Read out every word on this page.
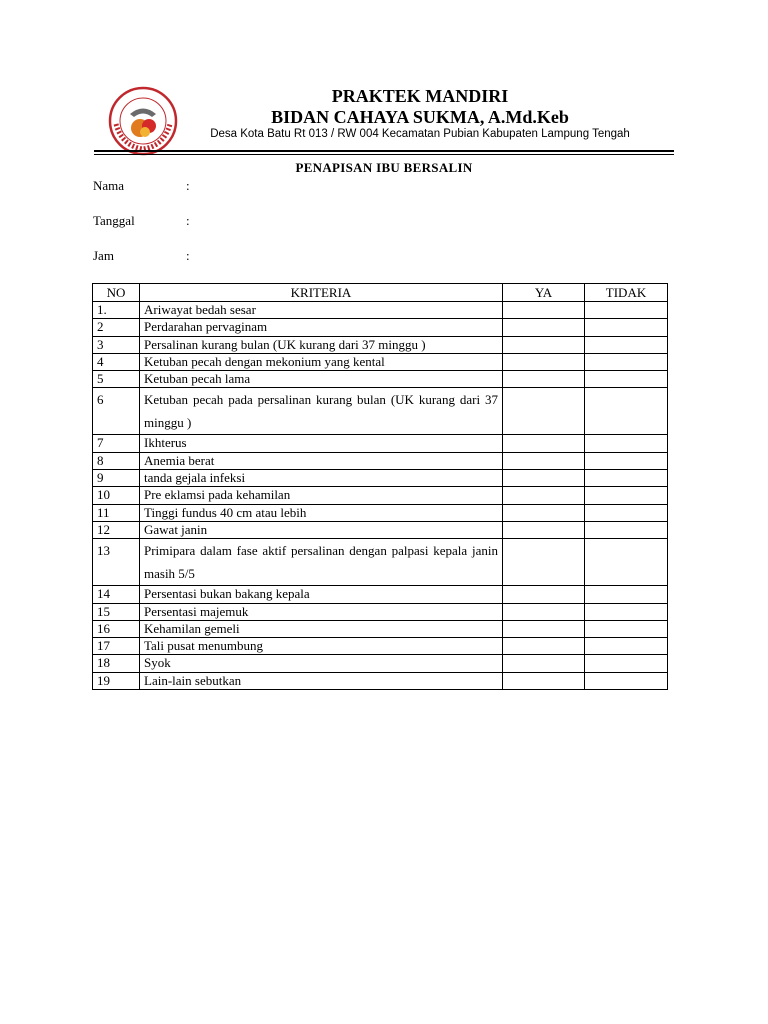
PRAKTEK MANDIRI
BIDAN CAHAYA SUKMA, A.Md.Keb
Desa Kota Batu Rt 013 / RW 004 Kecamatan Pubian Kabupaten Lampung Tengah
PENAPISAN IBU BERSALIN
Nama	:
Tanggal	:
Jam	:
NO	KRITERIA	YA	TIDAK
1.	Ariwayat bedah sesar		
2	Perdarahan pervaginam		
3	Persalinan kurang bulan (UK kurang dari 37 minggu )		
4	Ketuban pecah dengan mekonium yang kental		
5	Ketuban pecah lama		
6	Ketuban pecah pada persalinan kurang bulan (UK kurang dari 37 minggu )		
7	Ikhterus		
8	Anemia berat		
9	tanda gejala infeksi		
10	Pre eklamsi pada kehamilan		
11	Tinggi fundus 40 cm atau lebih		
12	Gawat janin		
13	Primipara dalam fase aktif persalinan dengan palpasi kepala janin masih 5/5		
14	Persentasi bukan bakang kepala		
15	Persentasi majemuk		
16	Kehamilan gemeli		
17	Tali pusat menumbung		
18	Syok		
19	Lain-lain sebutkan		
